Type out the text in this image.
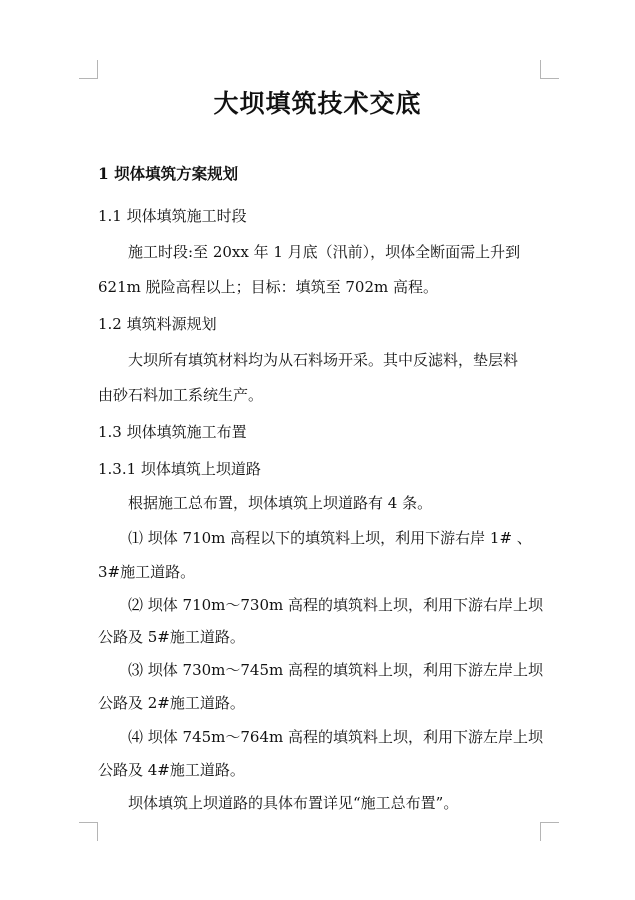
大坝填筑技术交底
1 坝体填筑方案规划
1.1 坝体填筑施工时段
施工时段:至 20xx 年 1 月底（汛前），坝体全断面需上升到
621m 脱险高程以上；目标：填筑至 702m 高程。
1.2 填筑料源规划
大坝所有填筑材料均为从石料场开采。其中反滤料，垫层料
由砂石料加工系统生产。
1.3 坝体填筑施工布置
1.3.1 坝体填筑上坝道路
根据施工总布置，坝体填筑上坝道路有 4 条。
⑴ 坝体 710m 高程以下的填筑料上坝，利用下游右岸 1# 、
3#施工道路。
⑵ 坝体 710m～730m 高程的填筑料上坝，利用下游右岸上坝
公路及 5#施工道路。
⑶ 坝体 730m～745m 高程的填筑料上坝，利用下游左岸上坝
公路及 2#施工道路。
⑷ 坝体 745m～764m 高程的填筑料上坝，利用下游左岸上坝
公路及 4#施工道路。
坝体填筑上坝道路的具体布置详见“施工总布置”。
